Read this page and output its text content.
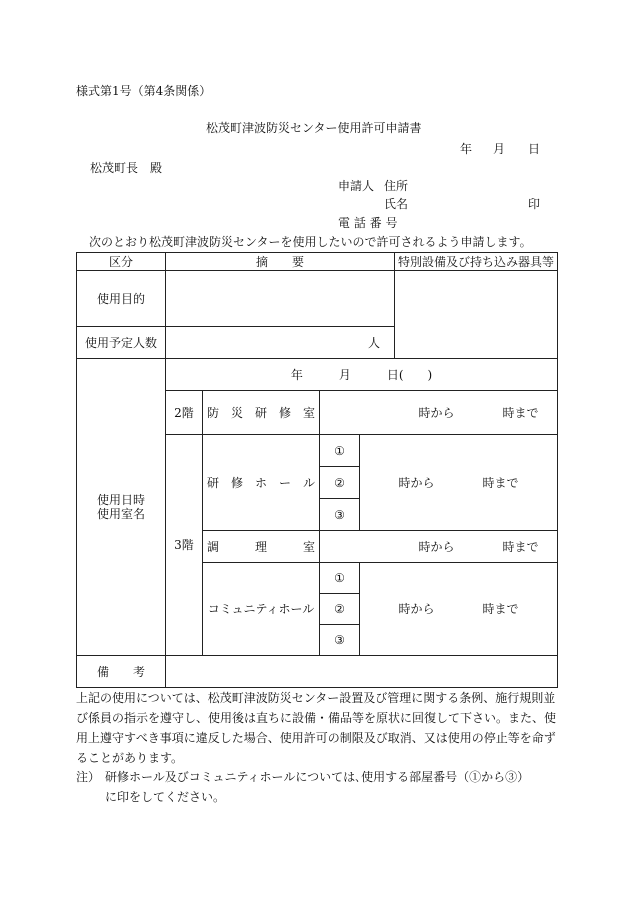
様式第1号（第4条関係）
松茂町津波防災センター使用許可申請書
年 月 日
松茂町長　殿
申請人 住所
氏名	印
電 話 番 号
次のとおり松茂町津波防災センターを使用したいので許可されるよう申請します。
区分	摘　　要				特別設備及び持ち込み器具等
使用目的					
使用予定人数	人				
使用日時
使用室名	年　　　月　　　日(　　)				
	2階	防　災　研　修　室	時から 時まで		
	3階	研　修　ホ　ー　ル	①	時から 時まで	
			②		
			③		
		調　　　理　　　室	時から 時まで		
		コミュニティホール	①	時から 時まで	
			②		
			③		
備　　考					
上記の使用については、松茂町津波防災センター設置及び管理に関する条例、施行規則並び係員の指示を遵守し、使用後は直ちに設備・備品等を原状に回復して下さい。また、使用上遵守すべき事項に違反した場合、使用許可の制限及び取消、又は使用の停止等を命ずることがあります。
注） 研修ホール及びコミュニティホールについては､使用する部屋番号（①から③）に印をしてください。
